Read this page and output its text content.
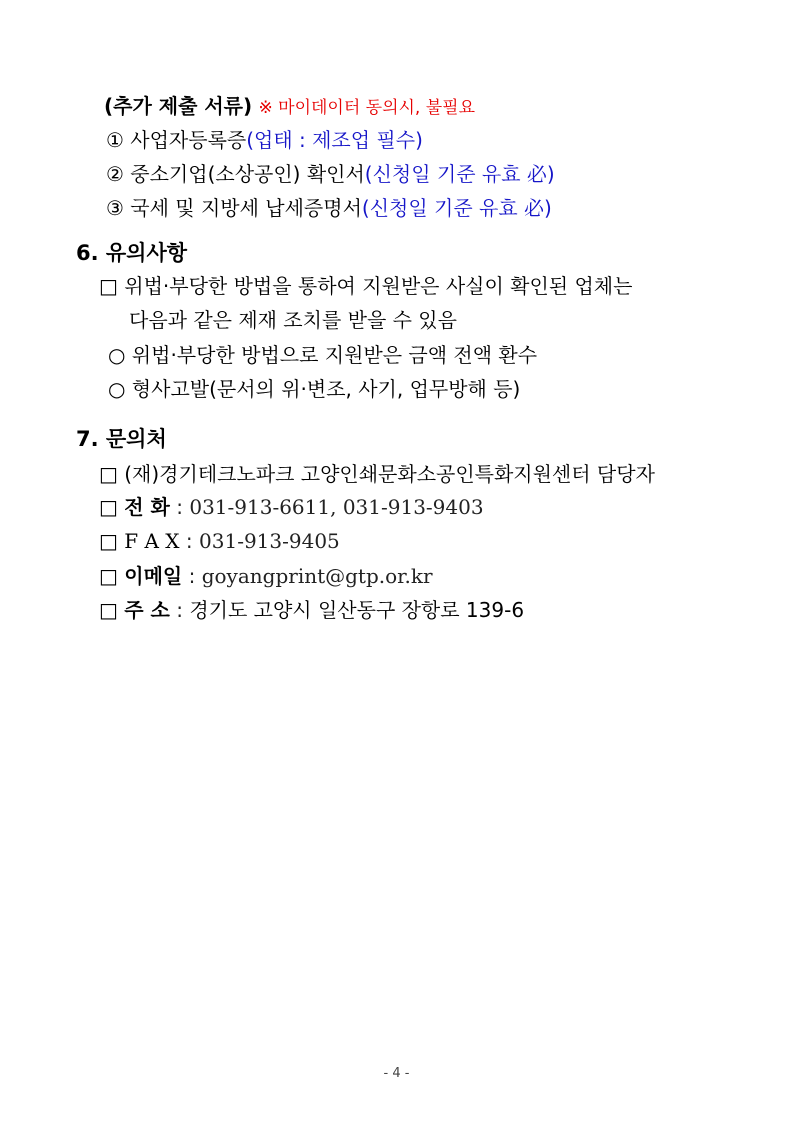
(추가 제출 서류) ※ 마이데이터 동의시, 불필요
① 사업자등록증(업태 : 제조업 필수)
② 중소기업(소상공인) 확인서(신청일 기준 유효 必)
③ 국세 및 지방세 납세증명서(신청일 기준 유효 必)
6. 유의사항
□ 위법·부당한 방법을 통하여 지원받은 사실이 확인된 업체는
다음과 같은 제재 조치를 받을 수 있음
○ 위법·부당한 방법으로 지원받은 금액 전액 환수
○ 형사고발(문서의 위·변조, 사기, 업무방해 등)
7. 문의처
□ (재)경기테크노파크 고양인쇄문화소공인특화지원센터 담당자
□ 전 화 : 031-913-6611, 031-913-9403
□ F A X : 031-913-9405
□ 이메일 : goyangprint@gtp.or.kr
□ 주 소 : 경기도 고양시 일산동구 장항로 139-6
- 4 -
